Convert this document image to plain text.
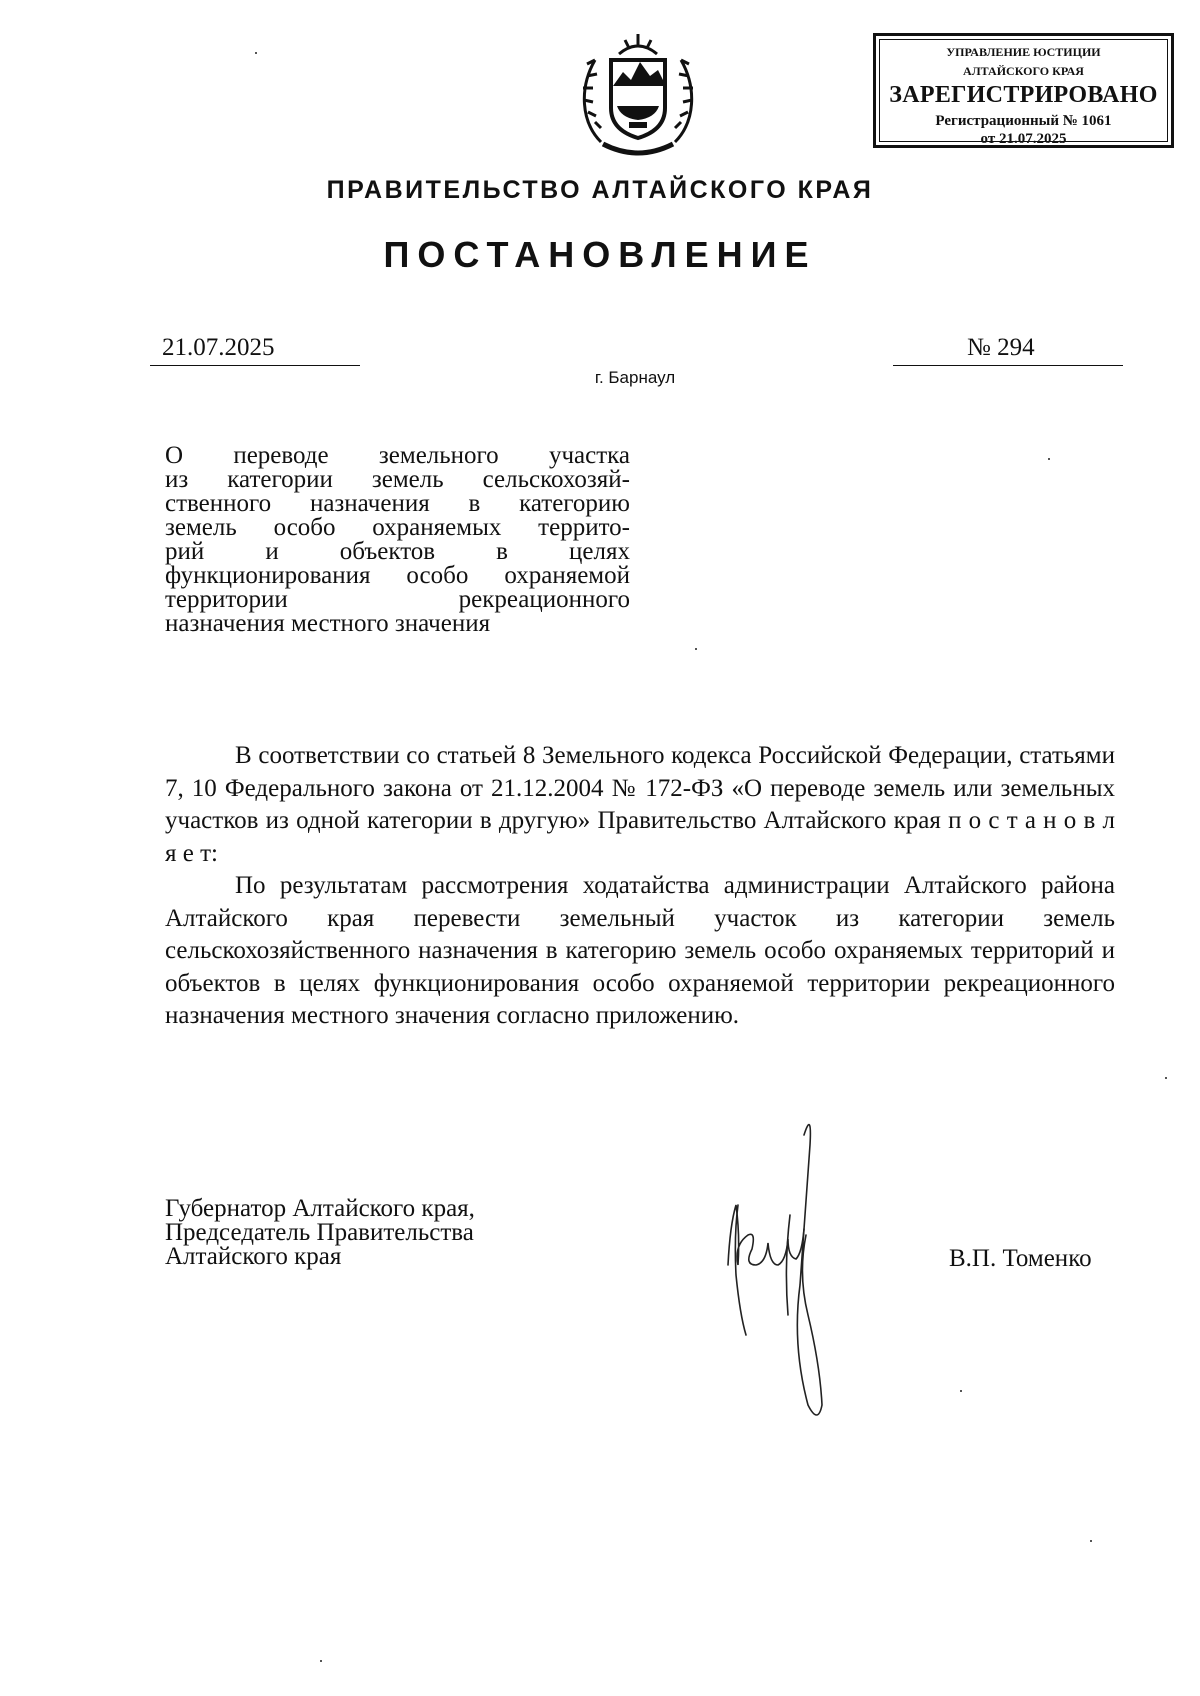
УПРАВЛЕНИЕ ЮСТИЦИИ
АЛТАЙСКОГО КРАЯ
ЗАРЕГИСТРИРОВАНО
Регистрационный № 1061
от 21.07.2025
ПРАВИТЕЛЬСТВО АЛТАЙСКОГО КРАЯ
ПОСТАНОВЛЕНИЕ
21.07.2025	№ 294
г. Барнаул
О переводе земельного участка
из категории земель сельскохозяй-
ственного назначения в категорию
земель особо охраняемых террито-
рий и объектов в целях
функционирования особо охраняемой
территории рекреационного
назначения местного значения

В соответствии со статьей 8 Земельного кодекса Российской Федерации, статьями 7, 10 Федерального закона от 21.12.2004 № 172-ФЗ «О переводе земель или земельных участков из одной категории в другую» Правительство Алтайского края п о с т а н о в л я е т:

По результатам рассмотрения ходатайства администрации Алтайского района Алтайского края перевести земельный участок из категории земель сельскохозяйственного назначения в категорию земель особо охраняемых территорий и объектов в целях функционирования особо охраняемой территории рекреационного назначения местного значения согласно приложению.

Губернатор Алтайского края,
Председатель Правительства
Алтайского края	В.П. Томенко
